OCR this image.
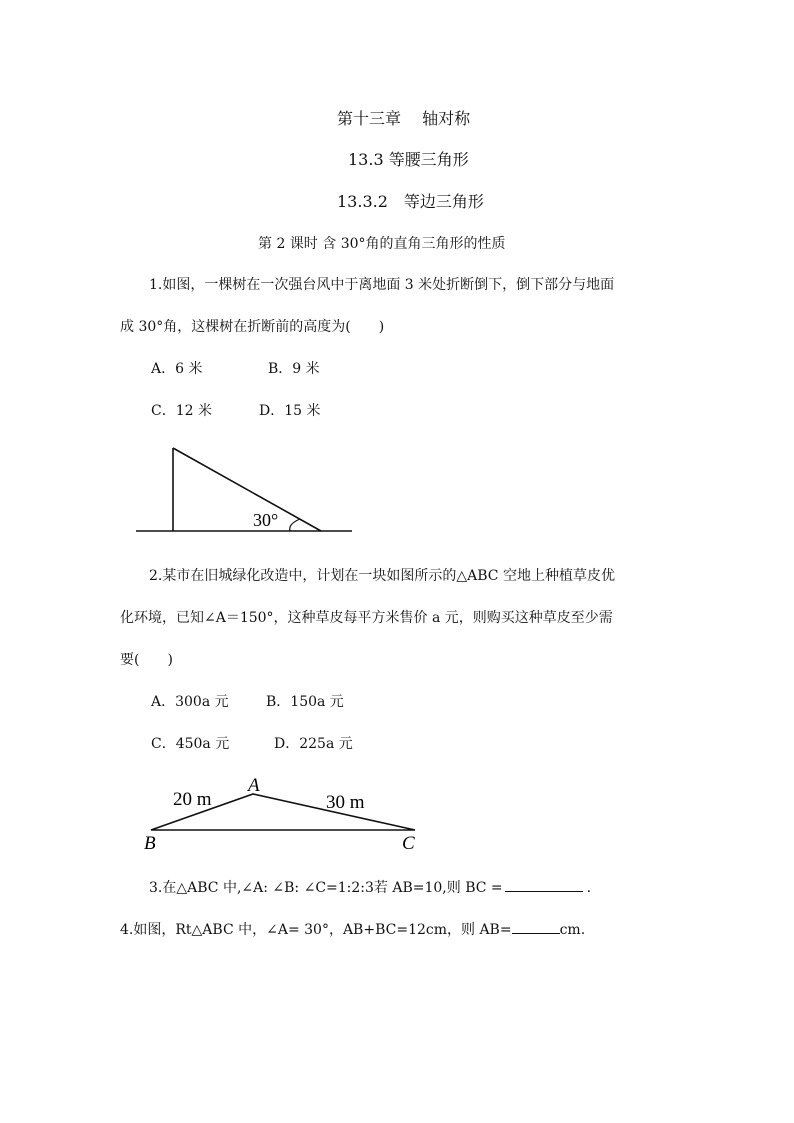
第十三章　 轴对称
13.3 等腰三角形
13.3.2　等边三角形
第 2 课时 含 30°角的直角三角形的性质
1.如图，一棵树在一次强台风中于离地面 3 米处折断倒下，倒下部分与地面
成 30°角，这棵树在折断前的高度为(　　)
A．6 米	B．9 米
C．12 米	D．15 米
30°
2.某市在旧城绿化改造中，计划在一块如图所示的△ABC 空地上种植草皮优
化环境，已知∠A＝150°，这种草皮每平方米售价 a 元，则购买这种草皮至少需
要(　　)
A．300a 元	B．150a 元
C．450a 元	D．225a 元
20 m	30 m
A
B	C
3.在△ABC 中,∠A: ∠B: ∠C=1:2:3若 AB=10,则 BC =	.
4.如图，Rt△ABC 中，∠A= 30°，AB+BC=12cm，则 AB=	cm.
